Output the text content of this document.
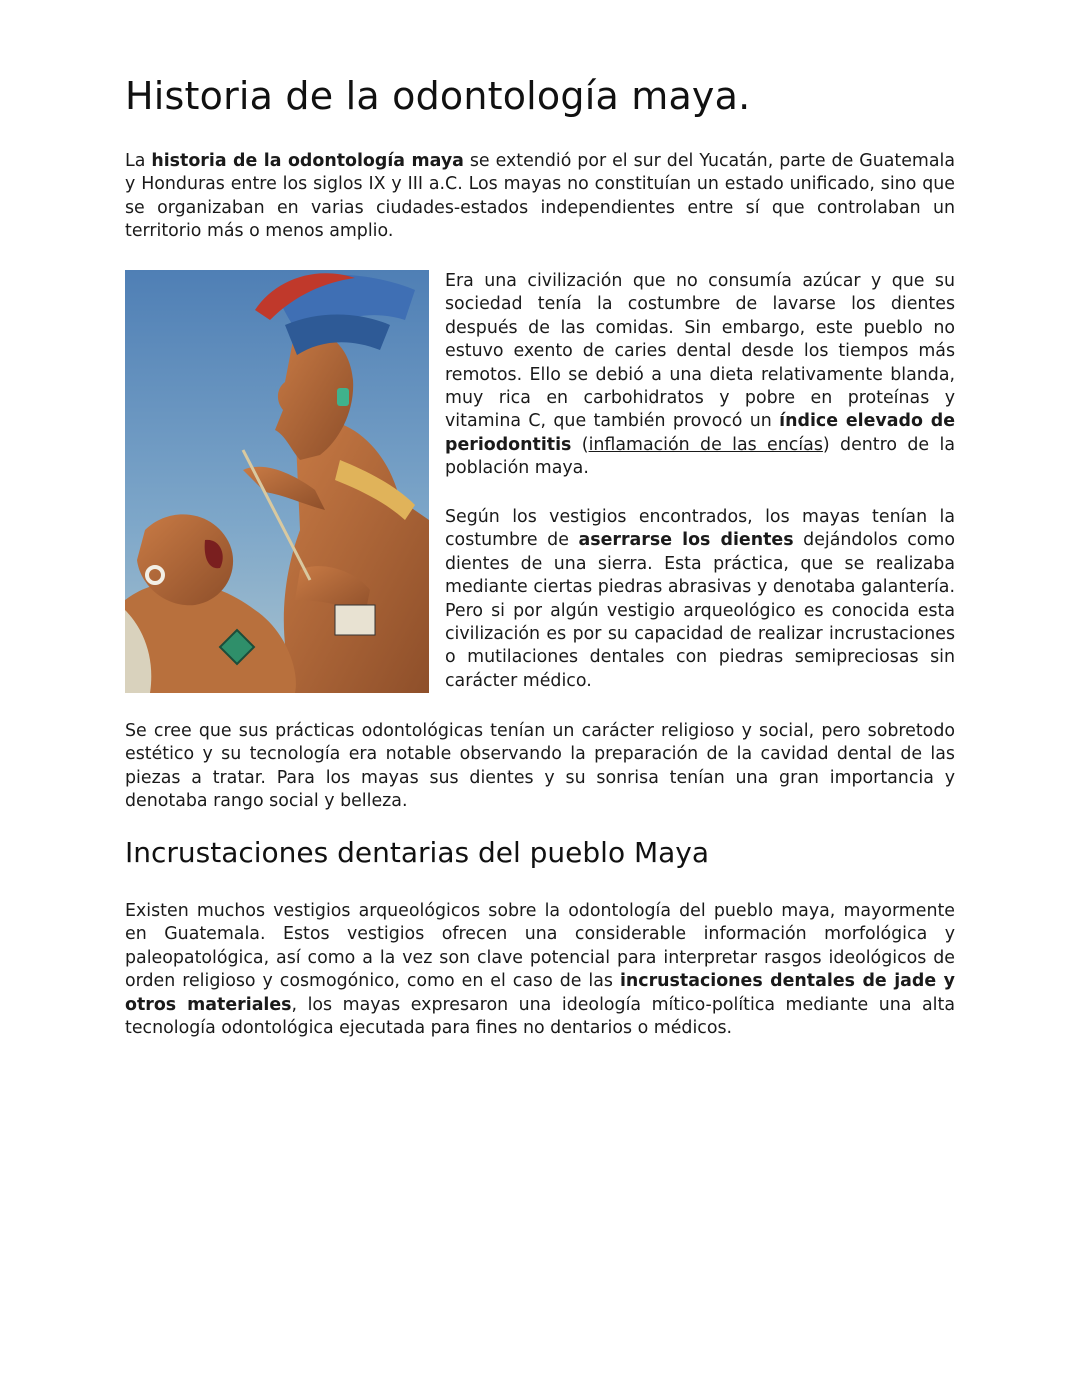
Historia de la odontología maya.

La historia de la odontología maya se extendió por el sur del Yucatán, parte de Guatemala y Honduras entre los siglos IX y III a.C. Los mayas no constituían un estado unificado, sino que se organizaban en varias ciudades-estados independientes entre sí que controlaban un territorio más o menos amplio.

Era una civilización que no consumía azúcar y que su sociedad tenía la costumbre de lavarse los dientes después de las comidas. Sin embargo, este pueblo no estuvo exento de caries dental desde los tiempos más remotos. Ello se debió a una dieta relativamente blanda, muy rica en carbohidratos y pobre en proteínas y vitamina C, que también provocó un índice elevado de periodontitis (inflamación de las encías) dentro de la población maya.

Según los vestigios encontrados, los mayas tenían la costumbre de aserrarse los dientes dejándolos como dientes de una sierra. Esta práctica, que se realizaba mediante ciertas piedras abrasivas y denotaba galantería. Pero si por algún vestigio arqueológico es conocida esta civilización es por su capacidad de realizar incrustaciones o mutilaciones dentales con piedras semipreciosas sin carácter médico.

Se cree que sus prácticas odontológicas tenían un carácter religioso y social, pero sobretodo estético y su tecnología era notable observando la preparación de la cavidad dental de las piezas a tratar. Para los mayas sus dientes y su sonrisa tenían una gran importancia y denotaba rango social y belleza.

Incrustaciones dentarias del pueblo Maya

Existen muchos vestigios arqueológicos sobre la odontología del pueblo maya, mayormente en Guatemala. Estos vestigios ofrecen una considerable información morfológica y paleopatológica, así como a la vez son clave potencial para interpretar rasgos ideológicos de orden religioso y cosmogónico, como en el caso de las incrustaciones dentales de jade y otros materiales, los mayas expresaron una ideología mítico-política mediante una alta tecnología odontológica ejecutada para fines no dentarios o médicos.
